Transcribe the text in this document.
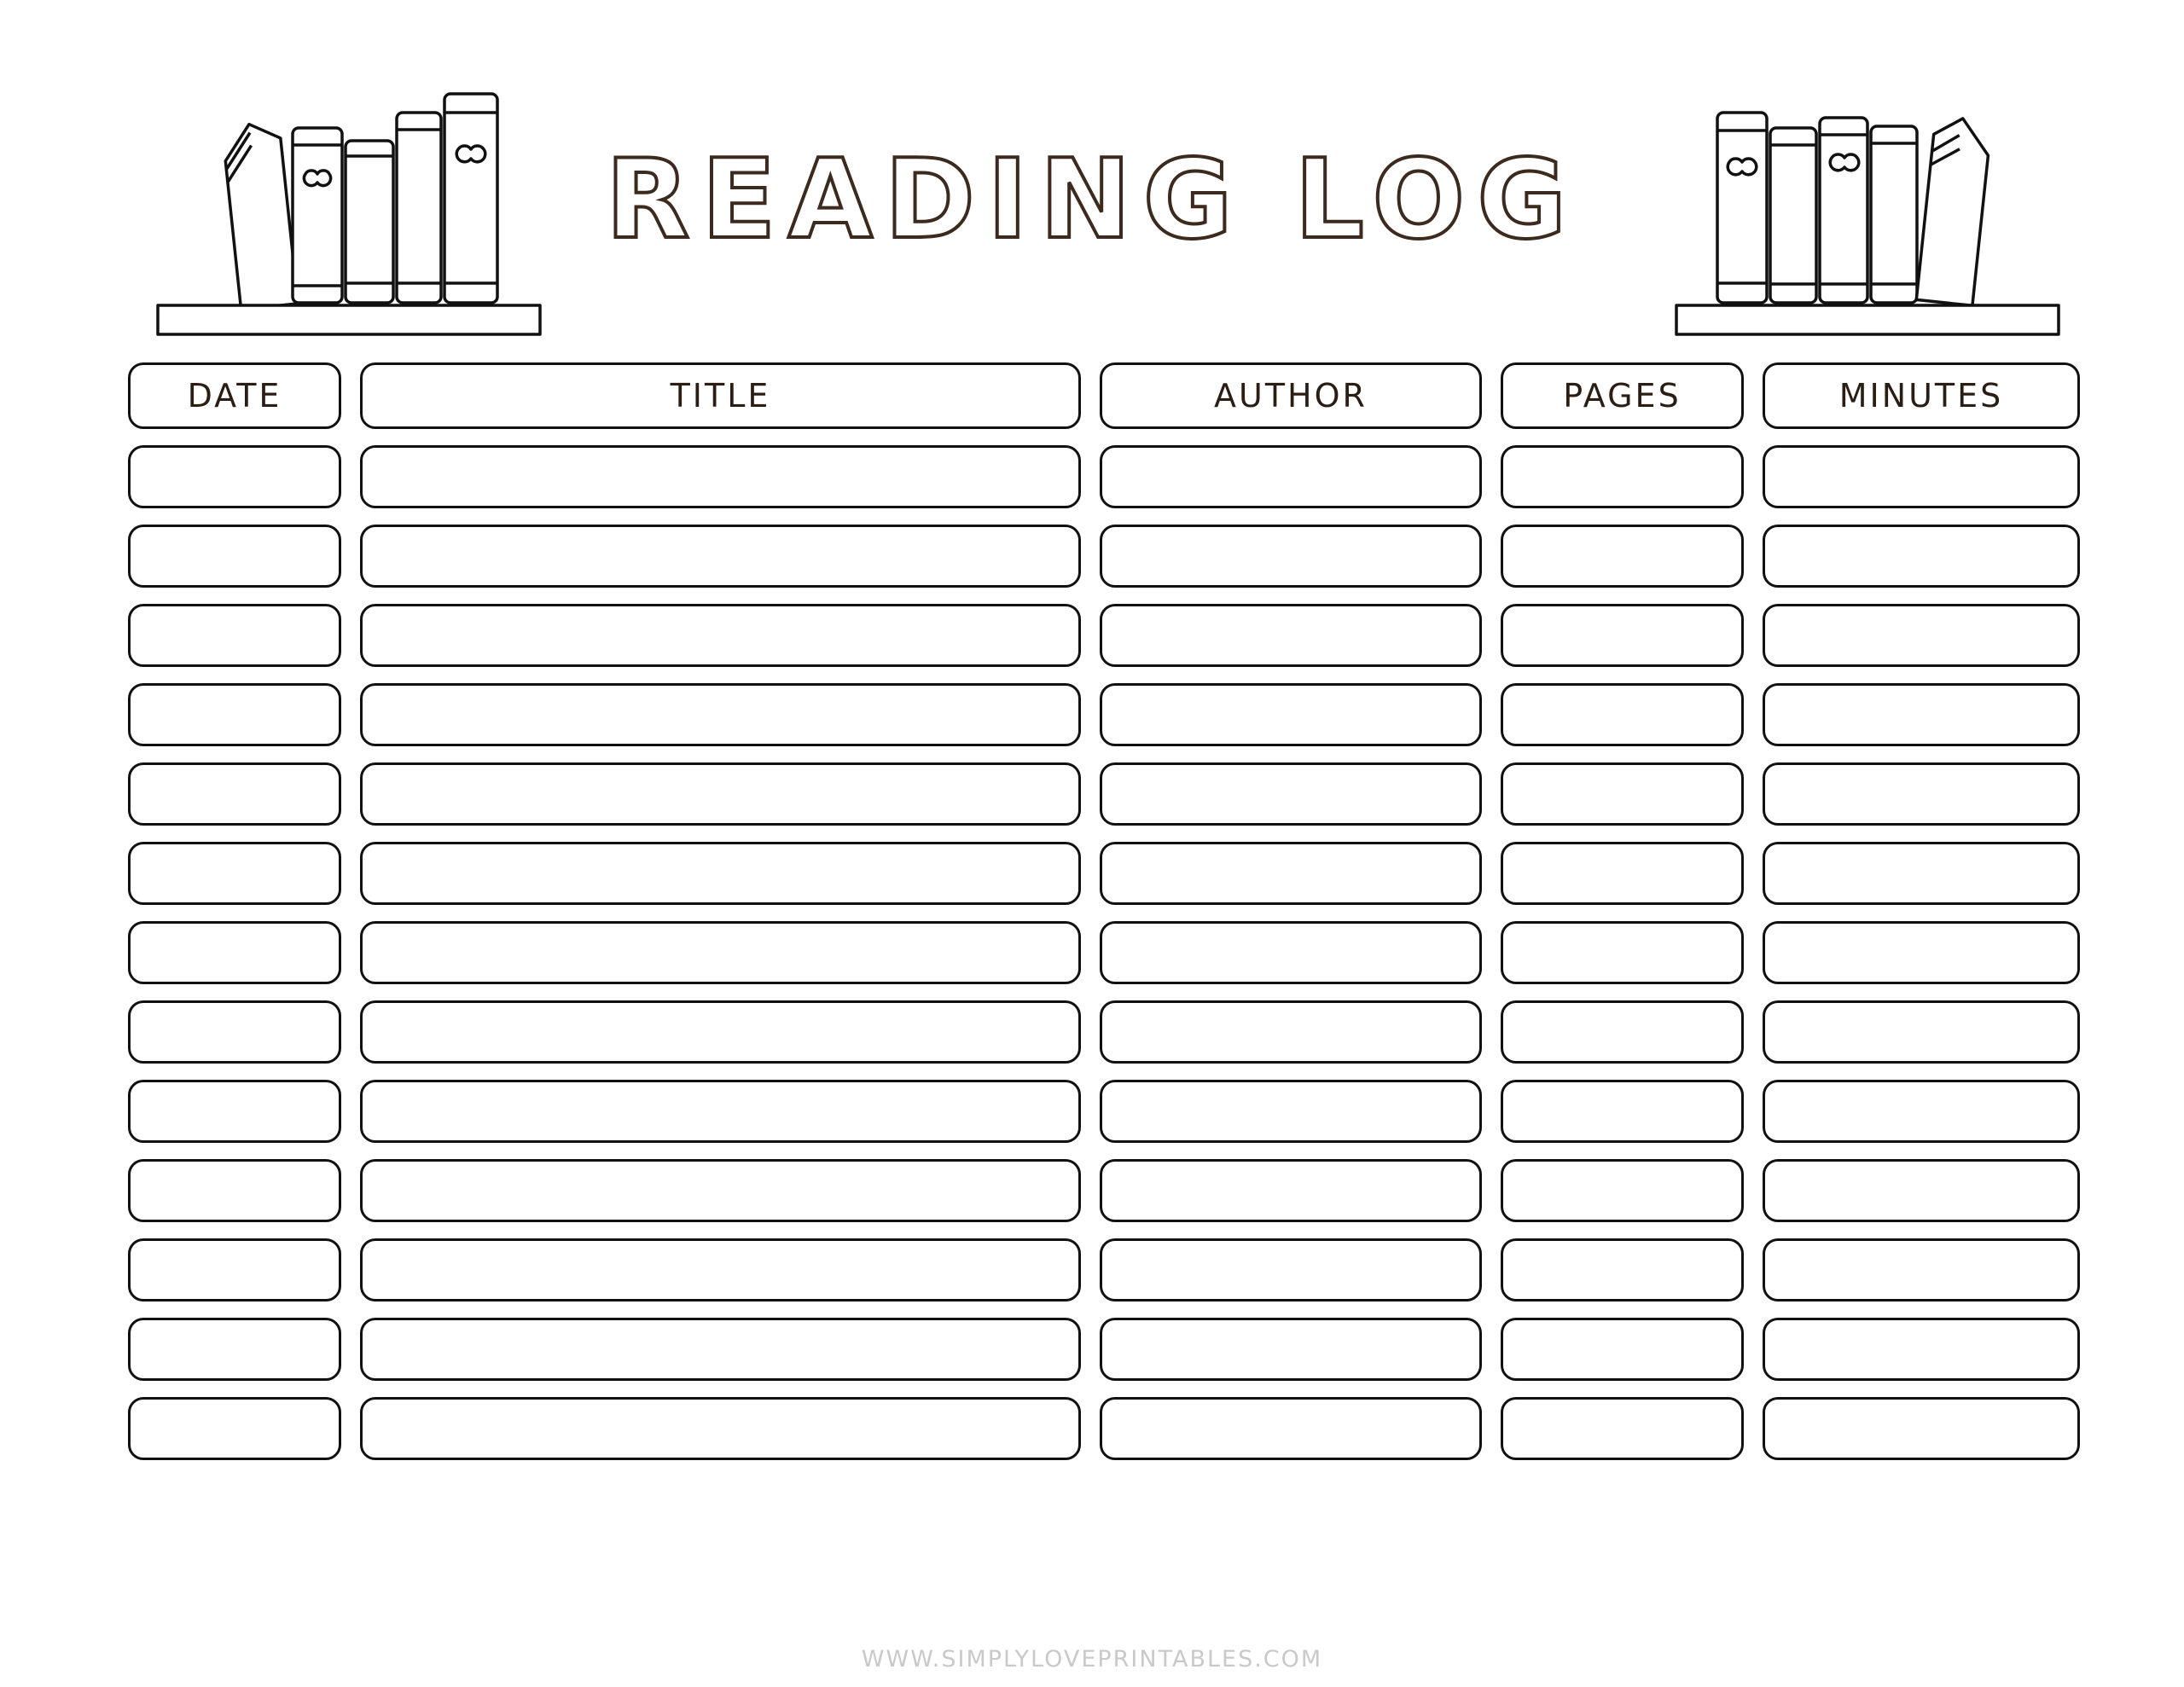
READING LOG
DATE	TITLE	AUTHOR	PAGES	MINUTES
WWW.SIMPLYLOVEPRINTABLES.COM
